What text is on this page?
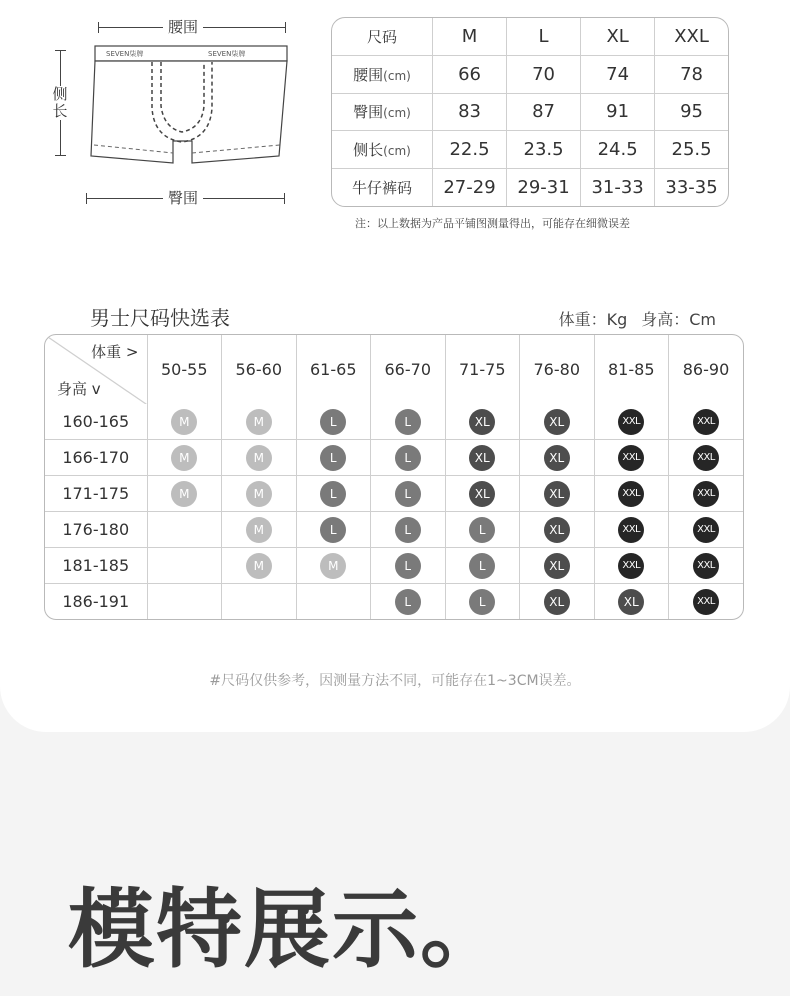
腰围
侧长
SEVEN柒牌	SEVEN柒牌
臀围
尺码	M	L	XL	XXL
腰围(cm)	66	70	74	78
臀围(cm)	83	87	91	95
侧长(cm)	22.5	23.5	24.5	25.5
牛仔裤码	27-29	29-31	31-33	33-35
注：以上数据为产品平铺图测量得出，可能存在细微误差
男士尺码快选表	体重：Kg 身高：Cm
体重 >
身高 v	50-55	56-60	61-65	66-70	71-75	76-80	81-85	86-90
160-165	M	M	L	L	XL	XL	XXL	XXL
166-170	M	M	L	L	XL	XL	XXL	XXL
171-175	M	M	L	L	XL	XL	XXL	XXL
176-180		M	L	L	L	XL	XXL	XXL
181-185		M	M	L	L	XL	XXL	XXL
186-191				L	L	XL	XL	XXL
#尺码仅供参考，因测量方法不同，可能存在1~3CM误差。
模特展示。
